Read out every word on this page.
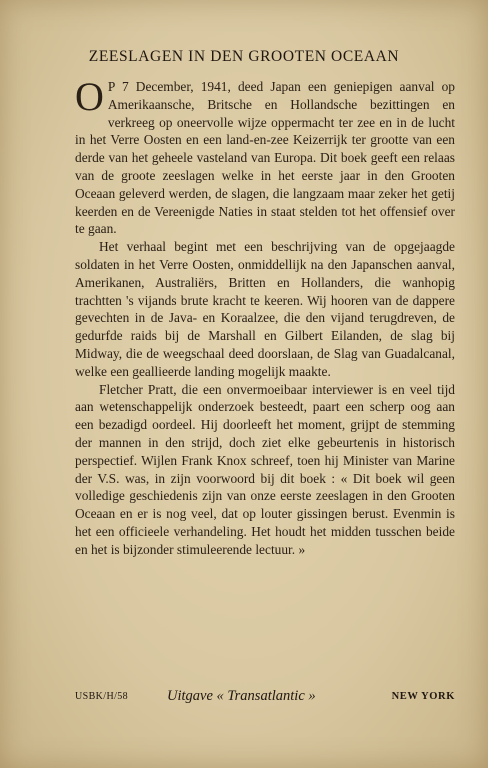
ZEESLAGEN IN DEN GROOTEN OCEAAN

O P 7 December, 1941, deed Japan een geniepigen aanval op Amerikaansche, Britsche en Hollandsche bezittingen en verkreeg op oneervolle wijze oppermacht ter zee en in de lucht in het Verre Oosten en een land-en-zee Keizerrijk ter grootte van een derde van het geheele vasteland van Europa. Dit boek geeft een relaas van de groote zeeslagen welke in het eerste jaar in den Grooten Oceaan geleverd werden, de slagen, die langzaam maar zeker het getij keerden en de Vereenigde Naties in staat stelden tot het offensief over te gaan.

Het verhaal begint met een beschrijving van de opgejaagde soldaten in het Verre Oosten, onmiddellijk na den Japanschen aanval, Amerikanen, Australiërs, Britten en Hollanders, die wanhopig trachtten 's vijands brute kracht te keeren. Wij hooren van de dappere gevechten in de Java- en Koraalzee, die den vijand terugdreven, de gedurfde raids bij de Marshall en Gilbert Eilanden, de slag bij Midway, die de weegschaal deed doorslaan, de Slag van Guadalcanal, welke een geallieerde landing mogelijk maakte.

Fletcher Pratt, die een onvermoeibaar interviewer is en veel tijd aan wetenschappelijk onderzoek besteedt, paart een scherp oog aan een bezadigd oordeel. Hij doorleeft het moment, grijpt de stemming der mannen in den strijd, doch ziet elke gebeurtenis in historisch perspectief. Wijlen Frank Knox schreef, toen hij Minister van Marine der V.S. was, in zijn voorwoord bij dit boek : « Dit boek wil geen volledige geschiedenis zijn van onze eerste zeeslagen in den Grooten Oceaan en er is nog veel, dat op louter gissingen berust. Evenmin is het een officieele verhandeling. Het houdt het midden tusschen beide en het is bijzonder stimuleerende lectuur. »

USBK/H/58	Uitgave « Transatlantic »	NEW YORK
